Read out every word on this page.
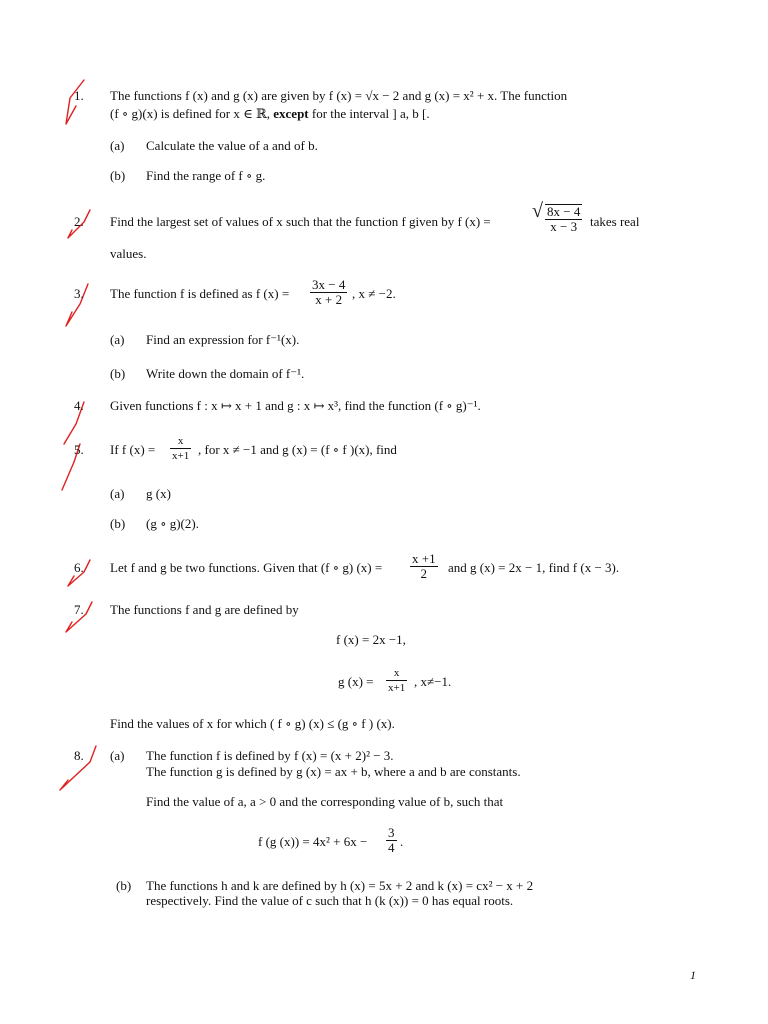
1. The functions f (x) and g (x) are given by f (x) = √x − 2 and g (x) = x² + x. The function
(f ∘ g)(x) is defined for x ∈ ℝ, except for the interval ] a, b [.
(a) Calculate the value of a and of b.
(b) Find the range of f ∘ g.
2. Find the largest set of values of x such that the function f given by f (x) = √ $\frac{8x - 4}{x - 3}$ takes real
values.
3. The function f is defined as f $(x) = \frac{3x - 4}{x + 2}$ , x ≠ −2.
(a) Find an expression for f⁻¹(x).
(b) Write down the domain of f⁻¹.
4. Given functions f : x ↦ x + 1 and g : x ↦ x³, find the function (f ∘ g)⁻¹.
5. If f $(x) = \frac{x}{x+1}$ , for x ≠ −1 and g (x) = (f ∘ f )(x), find
(a) g (x)
(b) (g ∘ g)(2).
6. Let f and g be two functions. Given that (f ∘ g) $(x) = \frac{x +1}{2}$ and g (x) = 2x − 1, find f (x − 3).
7. The functions f and g are defined by
f (x) = 2x −1,
g $(x) = \frac{x}{x+1}$ , x≠−1.
Find the values of x for which ( f ∘ g) (x) ≤ (g ∘ f ) (x).
8. (a) The function f is defined by f (x) = (x + 2)² − 3.
The function g is defined by g (x) = ax + b, where a and b are constants.
Find the value of a, a > 0 and the corresponding value of b, such that
f (g $(x)) = 4x^2 + 6x - \frac{3}{4}$ .
(b) The functions h and k are defined by h (x) = 5x + 2 and k (x) = cx² − x + 2
respectively. Find the value of c such that h (k (x)) = 0 has equal roots.
1
